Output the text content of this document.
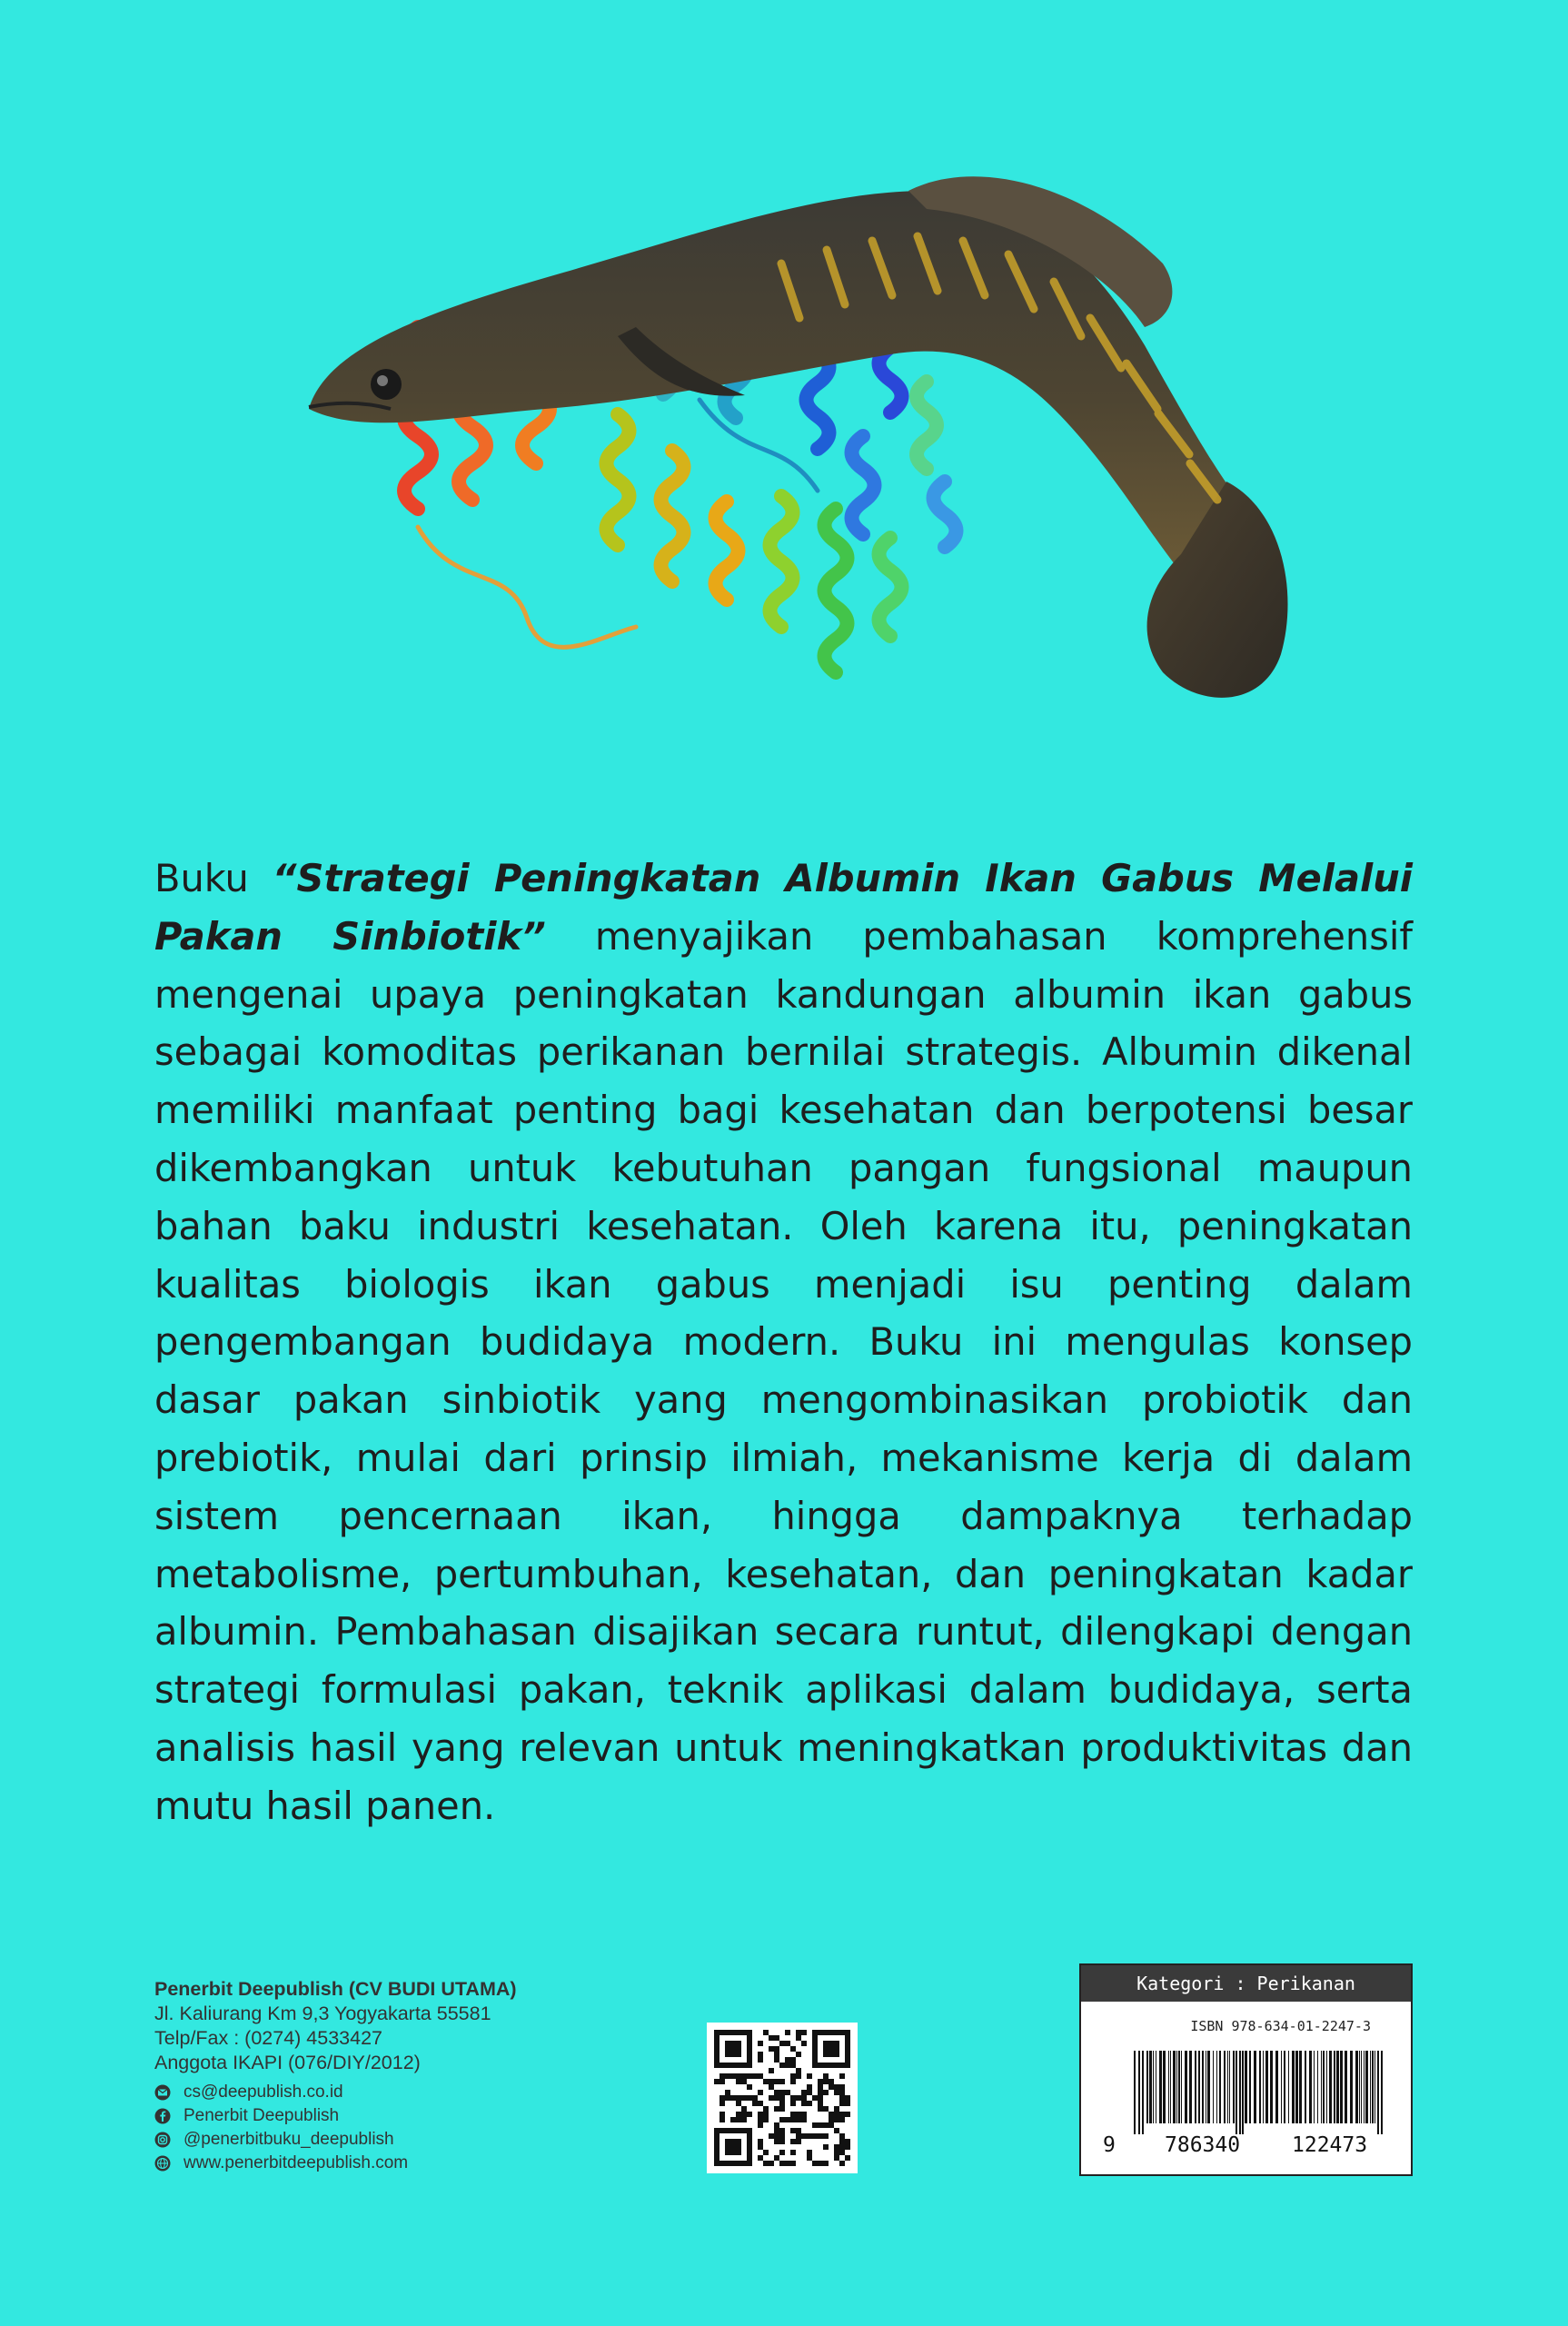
Buku “Strategi Peningkatan Albumin Ikan Gabus Melalui Pakan Sinbiotik” menyajikan pembahasan komprehensif mengenai upaya peningkatan kandungan albumin ikan gabus sebagai komoditas perikanan bernilai strategis. Albumin dikenal memiliki manfaat penting bagi kesehatan dan berpotensi besar dikembangkan untuk kebutuhan pangan fungsional maupun bahan baku industri kesehatan. Oleh karena itu, peningkatan kualitas biologis ikan gabus menjadi isu penting dalam pengembangan budidaya modern. Buku ini mengulas konsep dasar pakan sinbiotik yang mengombinasikan probiotik dan prebiotik, mulai dari prinsip ilmiah, mekanisme kerja di dalam sistem pencernaan ikan, hingga dampaknya terhadap metabolisme, pertumbuhan, kesehatan, dan peningkatan kadar albumin. Pembahasan disajikan secara runtut, dilengkapi dengan strategi formulasi pakan, teknik aplikasi dalam budidaya, serta analisis hasil yang relevan untuk meningkatkan produktivitas dan mutu hasil panen.
Penerbit Deepublish (CV BUDI UTAMA)
Jl. Kaliurang Km 9,3 Yogyakarta 55581
Telp/Fax : (0274) 4533427
Anggota IKAPI (076/DIY/2012)
cs@deepublish.co.id
Penerbit Deepublish
@penerbitbuku_deepublish
www.penerbitdeepublish.com
Kategori : Perikanan
ISBN 978-634-01-2247-3
9 786340 122473
